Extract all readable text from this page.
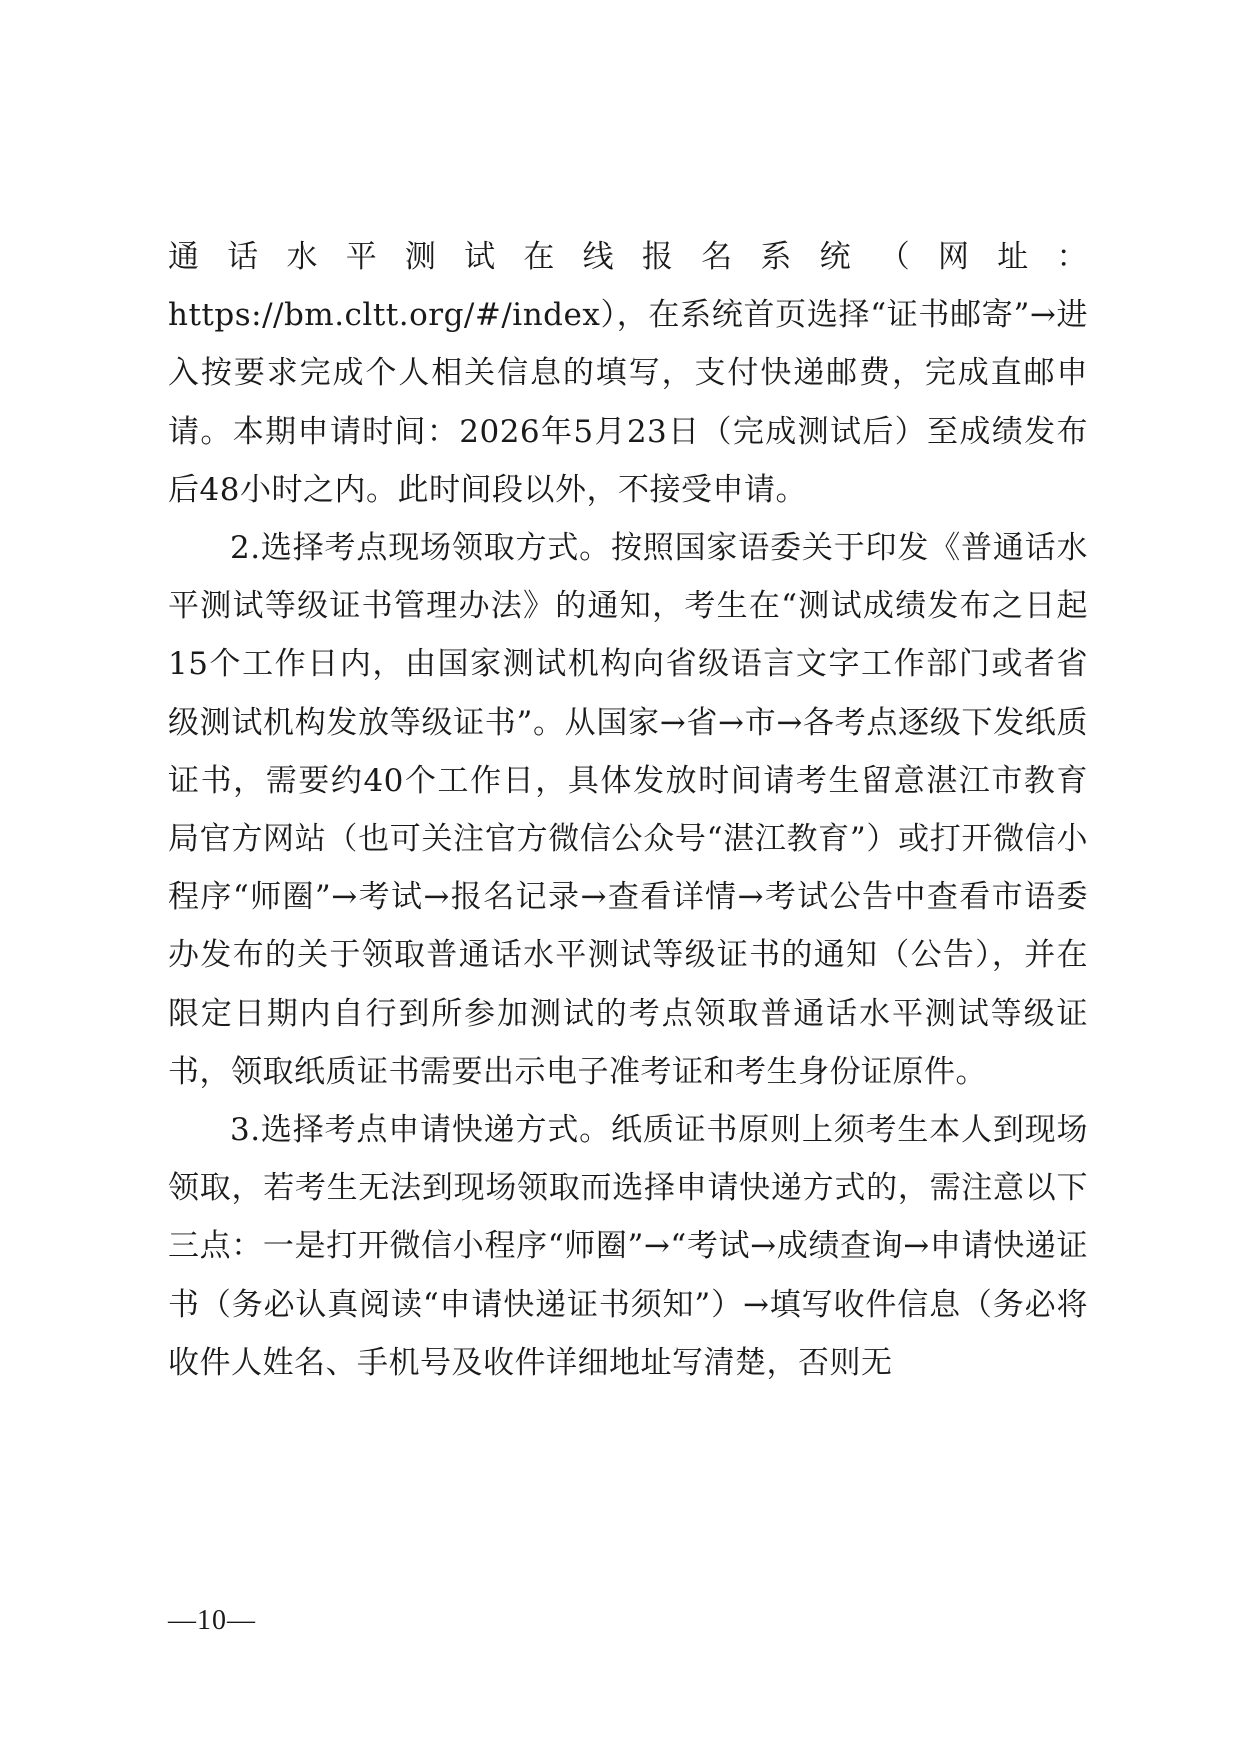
通话水平测试在线报名系统（网址：https://bm.cltt.org/#/index），在系统首页选择“证书邮寄”→进入按要求完成个人相关信息的填写，支付快递邮费，完成直邮申请。本期申请时间：2026年5月23日（完成测试后）至成绩发布后48小时之内。此时间段以外，不接受申请。

2.选择考点现场领取方式。按照国家语委关于印发《普通话水平测试等级证书管理办法》的通知，考生在“测试成绩发布之日起15个工作日内，由国家测试机构向省级语言文字工作部门或者省级测试机构发放等级证书”。从国家→省→市→各考点逐级下发纸质证书，需要约40个工作日，具体发放时间请考生留意湛江市教育局官方网站（也可关注官方微信公众号“湛江教育”）或打开微信小程序“师圈”→考试→报名记录→查看详情→考试公告中查看市语委办发布的关于领取普通话水平测试等级证书的通知（公告），并在限定日期内自行到所参加测试的考点领取普通话水平测试等级证书，领取纸质证书需要出示电子准考证和考生身份证原件。

3.选择考点申请快递方式。纸质证书原则上须考生本人到现场领取，若考生无法到现场领取而选择申请快递方式的，需注意以下三点：一是打开微信小程序“师圈”→“考试→成绩查询→申请快递证书（务必认真阅读“申请快递证书须知”）→填写收件信息（务必将收件人姓名、手机号及收件详细地址写清楚，否则无

—10—
